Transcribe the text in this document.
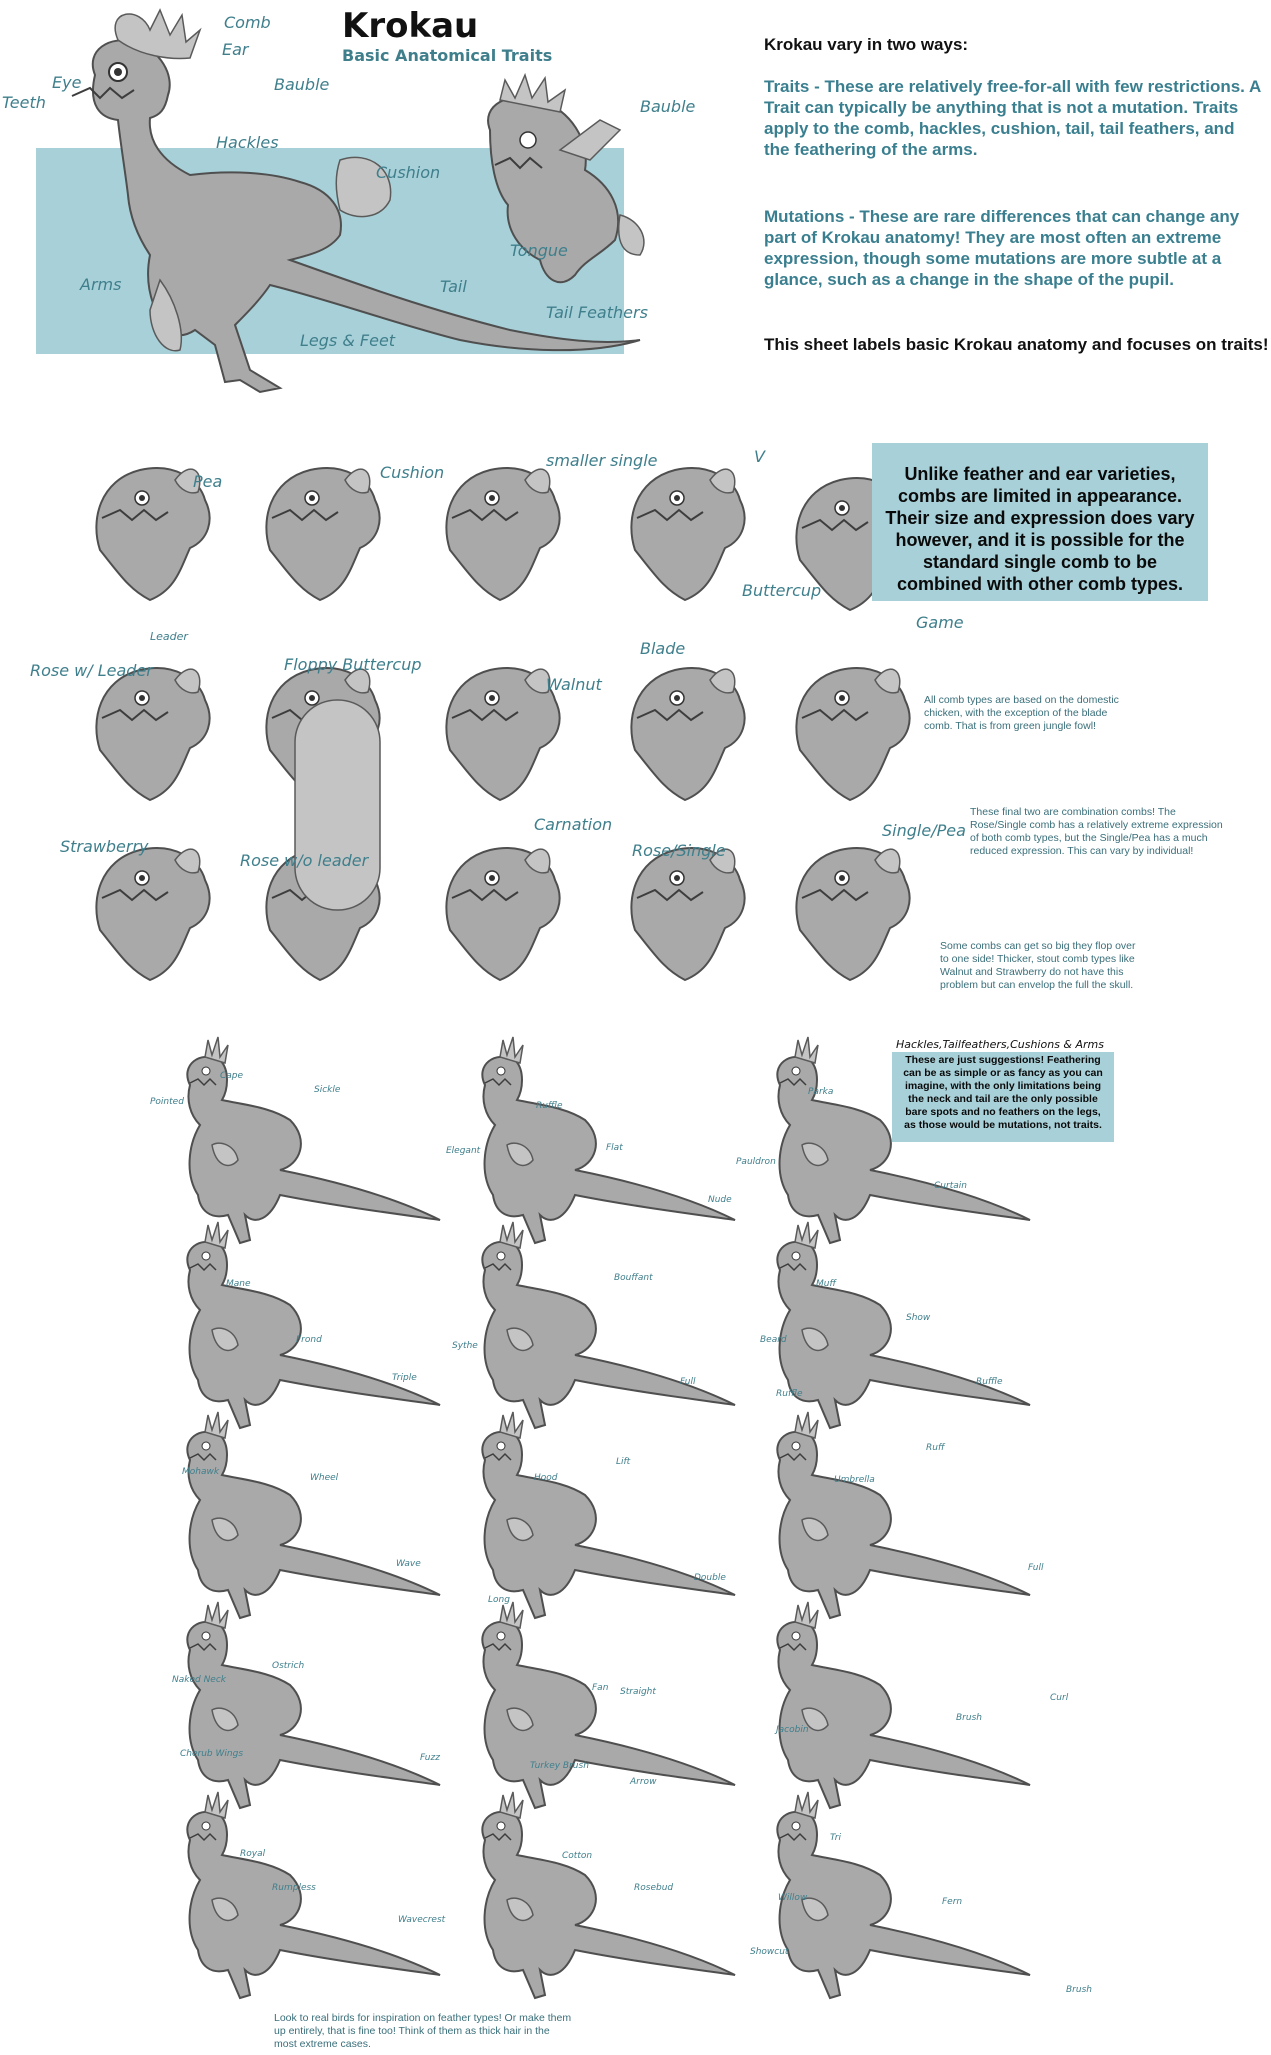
Comb
Ear
Eye
Teeth
Bauble
Hackles
Cushion
Arms	Tail
Legs & Feet
Tail Feathers
Bauble
Tongue
Pea	Cushion
smaller single	V
Buttercup
Rose w/ Leader
Leader
Floppy Buttercup
Walnut
Blade
Game
Strawberry
Rose w/o leader
Carnation
Rose/Single
Single/Pea
Cape
Pointed
Sickle
Elegant
Ruffle
Flat
Nude
Parka
Pauldron
Curtain
Mane
Frond
Triple
Bouffant
Sythe
Full
Muff
Show
Beard
Ruffle
Ruffle
Mohawk
Wheel
Wave
Lift
Hood
Long
Double
Umbrella
Ruff
Full
Ostrich
Naked Neck
Cherub Wings	Fuzz
Fan Straight
Turkey Brush
Arrow
Brush
Curl
Jacobin
Royal
Rumpless
Wavecrest
Cotton
Rosebud
Showcut
Tri
Willow	Fern
Brush
Krokau
Basic Anatomical Traits
Krokau vary in two ways:
Traits - These are relatively free-for-all with few restrictions. A Trait can typically be anything that is not a mutation. Traits apply to the comb, hackles, cushion, tail, tail feathers, and the feathering of the arms.
Mutations - These are rare differences that can change any part of Krokau anatomy! They are most often an extreme expression, though some mutations are more subtle at a glance, such as a change in the shape of the pupil.
This sheet labels basic Krokau anatomy and focuses on traits!
Unlike feather and ear varieties, combs are limited in appearance. Their size and expression does vary however, and it is possible for the standard single comb to be combined with other comb types.
All comb types are based on the domestic chicken, with the exception of the blade comb. That is from green jungle fowl!
These final two are combination combs! The Rose/Single comb has a relatively extreme expression of both comb types, but the Single/Pea has a much reduced expression. This can vary by individual!
Some combs can get so big they flop over to one side! Thicker, stout comb types like Walnut and Strawberry do not have this problem but can envelop the full the skull.
Hackles,Tailfeathers,Cushions & Arms
These are just suggestions! Feathering can be as simple or as fancy as you can imagine, with the only limitations being the neck and tail are the only possible bare spots and no feathers on the legs, as those would be mutations, not traits.
Look to real birds for inspiration on feather types! Or make them up entirely, that is fine too! Think of them as thick hair in the most extreme cases.
